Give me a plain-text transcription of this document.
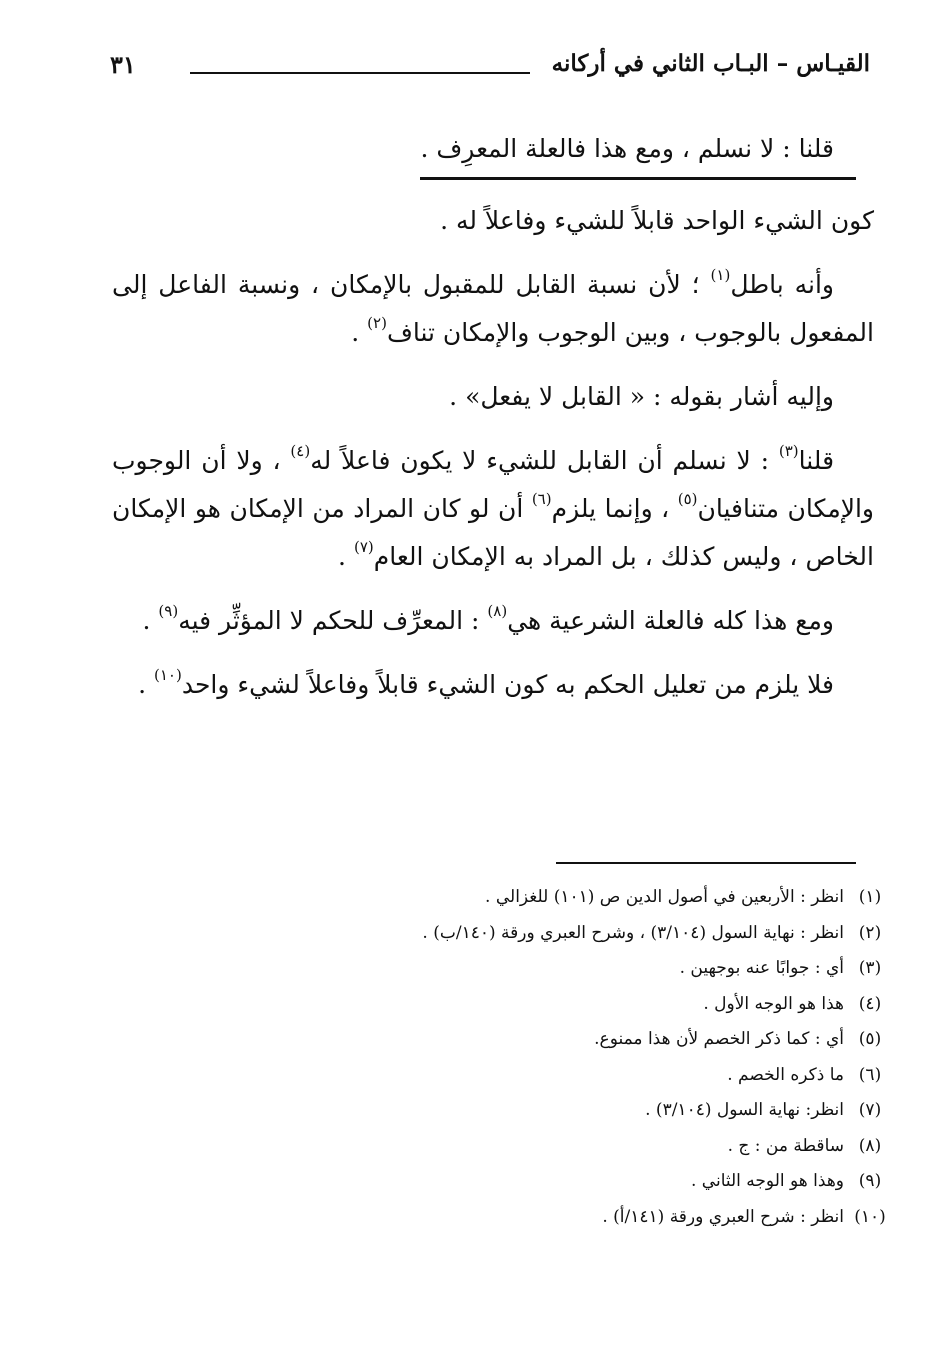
القيـاس – البـاب الثاني في أركانه
٣١

قلنا : لا نسلم ، ومع هذا فالعلة المعرِف .

كون الشيء الواحد قابلاً للشيء وفاعلاً له .

وأنه باطل$^{(١)}$ ؛ لأن نسبة القابل للمقبول بالإمكان ، ونسبة الفاعل إلى المفعول بالوجوب ، وبين الوجوب والإمكان تناف$^{(٢)}$ .

وإليه أشار بقوله : « القابل لا يفعل» .

قلنا$^{(٣)}$ : لا نسلم أن القابل للشيء لا يكون فاعلاً له$^{(٤)}$ ، ولا أن الوجوب والإمكان متنافيان$^{(٥)}$ ، وإنما يلزم$^{(٦)}$ أن لو كان المراد من الإمكان هو الإمكان الخاص ، وليس كذلك ، بل المراد به الإمكان العام$^{(٧)}$ .

ومع هذا كله فالعلة الشرعية هي$^{(٨)}$ : المعرِّف للحكم لا المؤثِّر فيه$^{(٩)}$ .

فلا يلزم من تعليل الحكم به كون الشيء قابلاً وفاعلاً لشيء واحد$^{(١٠)}$ .

(١)
انظر : الأربعين في أصول الدين ص (١٠١) للغزالي .
(٢)
انظر : نهاية السول (٣/١٠٤) ، وشرح العبري ورقة (١٤٠/ب) .
(٣)
أي : جوابًا عنه بوجهين .
(٤)
هذا هو الوجه الأول .
(٥)
أي : كما ذكر الخصم لأن هذا ممنوع.
(٦)
ما ذكره الخصم .
(٧)
انظر: نهاية السول (٣/١٠٤) .
(٨)
ساقطة من : ج .
(٩)
وهذا هو الوجه الثاني .
(١٠)
انظر : شرح العبري ورقة (١٤١/أ) .
